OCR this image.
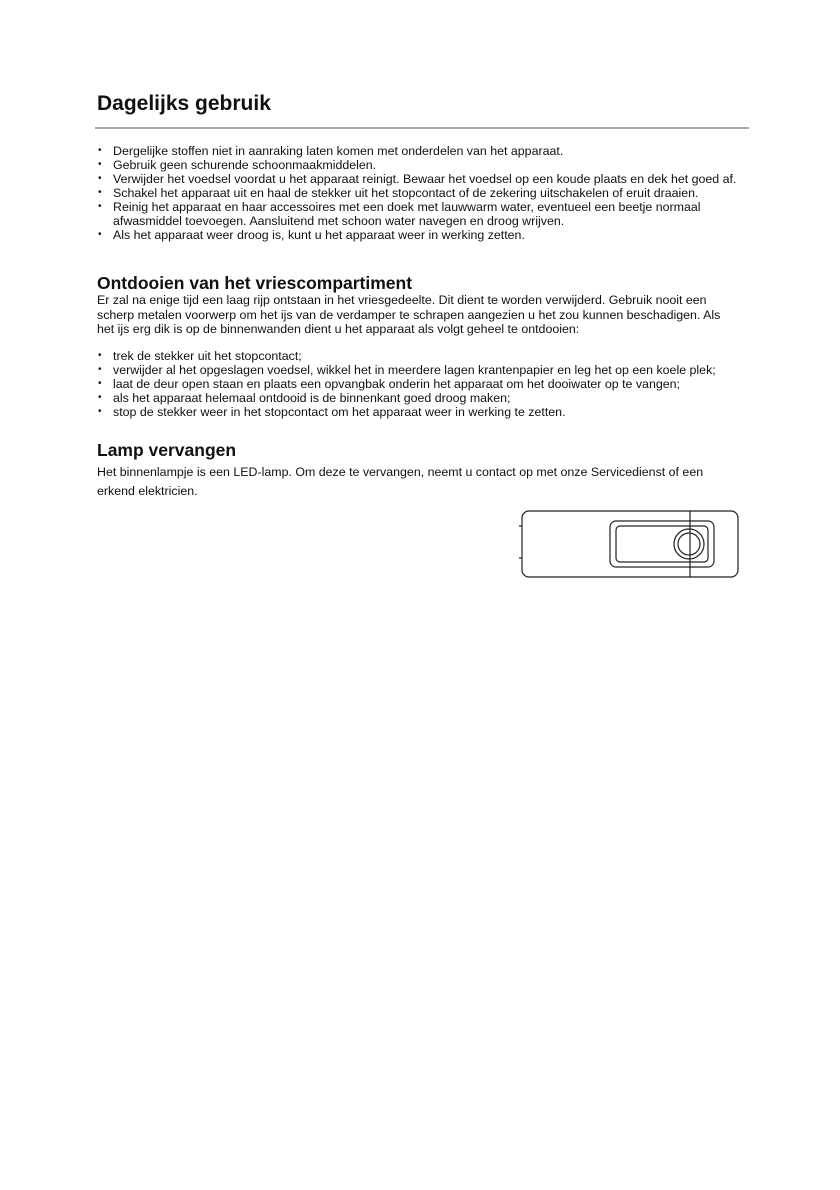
Dagelijks gebruik
• Dergelijke stoffen niet in aanraking laten komen met onderdelen van het apparaat.
• Gebruik geen schurende schoonmaakmiddelen.
• Verwijder het voedsel voordat u het apparaat reinigt. Bewaar het voedsel op een koude plaats en dek het goed af.
• Schakel het apparaat uit en haal de stekker uit het stopcontact of de zekering uitschakelen of eruit draaien.
• Reinig het apparaat en haar accessoires met een doek met lauwwarm water, eventueel een beetje normaal afwasmiddel toevoegen. Aansluitend met schoon water navegen en droog wrijven.
• Als het apparaat weer droog is, kunt u het apparaat weer in werking zetten.
Ontdooien van het vriescompartiment

Er zal na enige tijd een laag rijp ontstaan in het vriesgedeelte. Dit dient te worden verwijderd. Gebruik nooit een scherp metalen voorwerp om het ijs van de verdamper te schrapen aangezien u het zou kunnen beschadigen. Als het ijs erg dik is op de binnenwanden dient u het apparaat als volgt geheel te ontdooien:

• trek de stekker uit het stopcontact;
• verwijder al het opgeslagen voedsel, wikkel het in meerdere lagen krantenpapier en leg het op een koele plek;
• laat de deur open staan en plaats een opvangbak onderin het apparaat om het dooiwater op te vangen;
• als het apparaat helemaal ontdooid is de binnenkant goed droog maken;
• stop de stekker weer in het stopcontact om het apparaat weer in werking te zetten.
Lamp vervangen

Het binnenlampje is een LED-lamp. Om deze te vervangen, neemt u contact op met onze Servicedienst of een erkend elektricien.
